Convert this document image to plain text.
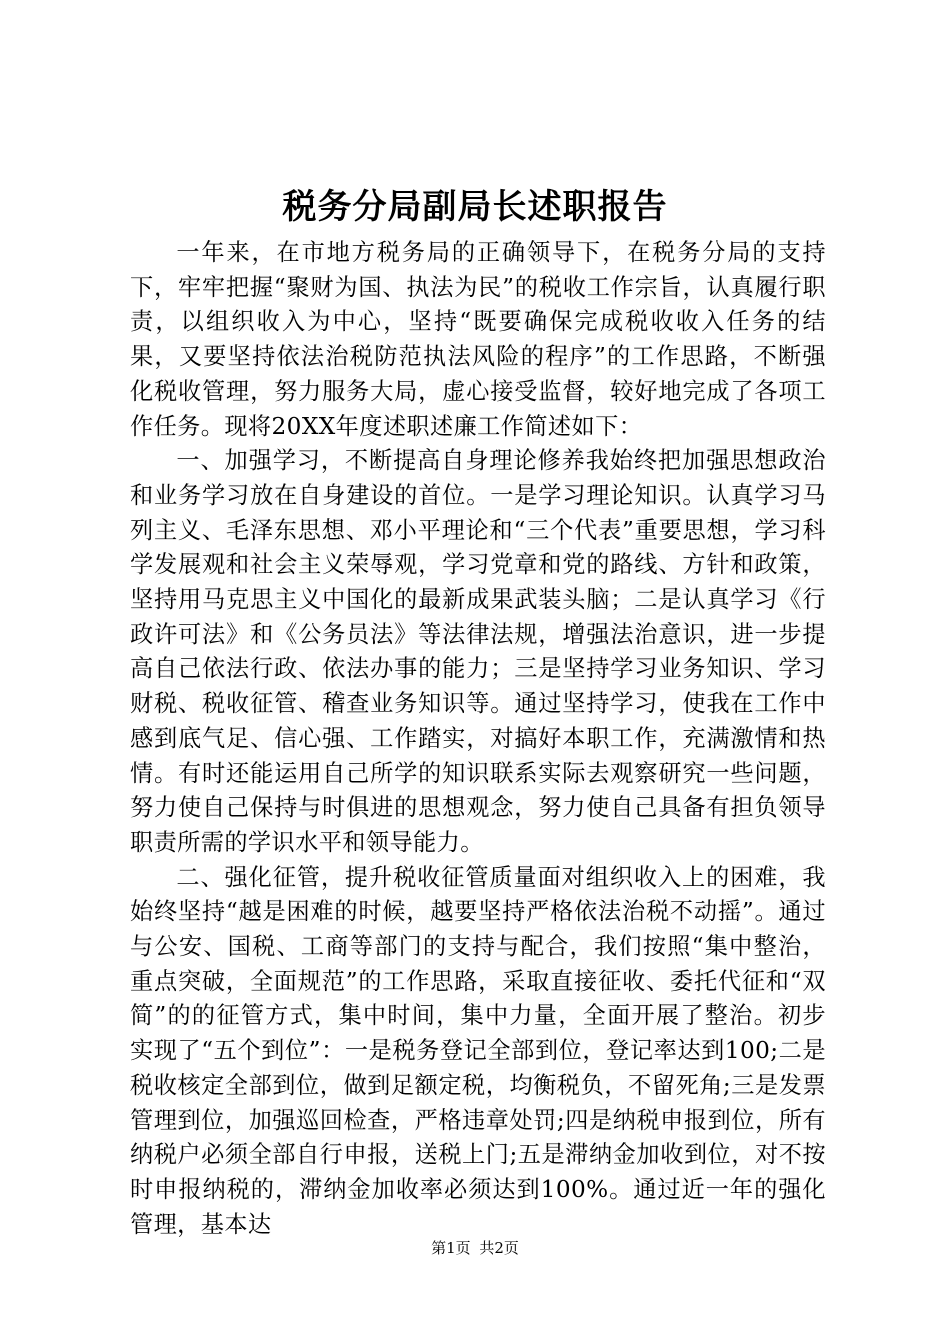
税务分局副局长述职报告

一年来，在市地方税务局的正确领导下，在税务分局的支持下，牢牢把握“聚财为国、执法为民”的税收工作宗旨，认真履行职责，以组织收入为中心，坚持“既要确保完成税收收入任务的结果，又要坚持依法治税防范执法风险的程序”的工作思路，不断强化税收管理，努力服务大局，虚心接受监督，较好地完成了各项工作任务。现将20XX年度述职述廉工作简述如下：

一、加强学习，不断提高自身理论修养我始终把加强思想政治和业务学习放在自身建设的首位。一是学习理论知识。认真学习马列主义、毛泽东思想、邓小平理论和“三个代表”重要思想，学习科学发展观和社会主义荣辱观，学习党章和党的路线、方针和政策，坚持用马克思主义中国化的最新成果武装头脑；二是认真学习《行政许可法》和《公务员法》等法律法规，增强法治意识，进一步提高自己依法行政、依法办事的能力；三是坚持学习业务知识、学习财税、税收征管、稽查业务知识等。通过坚持学习，使我在工作中感到底气足、信心强、工作踏实，对搞好本职工作，充满激情和热情。有时还能运用自己所学的知识联系实际去观察研究一些问题，努力使自己保持与时俱进的思想观念，努力使自己具备有担负领导职责所需的学识水平和领导能力。

二、强化征管，提升税收征管质量面对组织收入上的困难，我始终坚持“越是困难的时候，越要坚持严格依法治税不动摇”。通过与公安、国税、工商等部门的支持与配合，我们按照“集中整治，重点突破，全面规范”的工作思路，采取直接征收、委托代征和“双简”的的征管方式，集中时间，集中力量，全面开展了整治。初步实现了“五个到位”：一是税务登记全部到位，登记率达到100;二是税收核定全部到位，做到足额定税，均衡税负，不留死角;三是发票管理到位，加强巡回检查，严格违章处罚;四是纳税申报到位，所有纳税户必须全部自行申报，送税上门;五是滞纳金加收到位，对不按时申报纳税的，滞纳金加收率必须达到100%。通过近一年的强化管理，基本达

第1页 共2页
